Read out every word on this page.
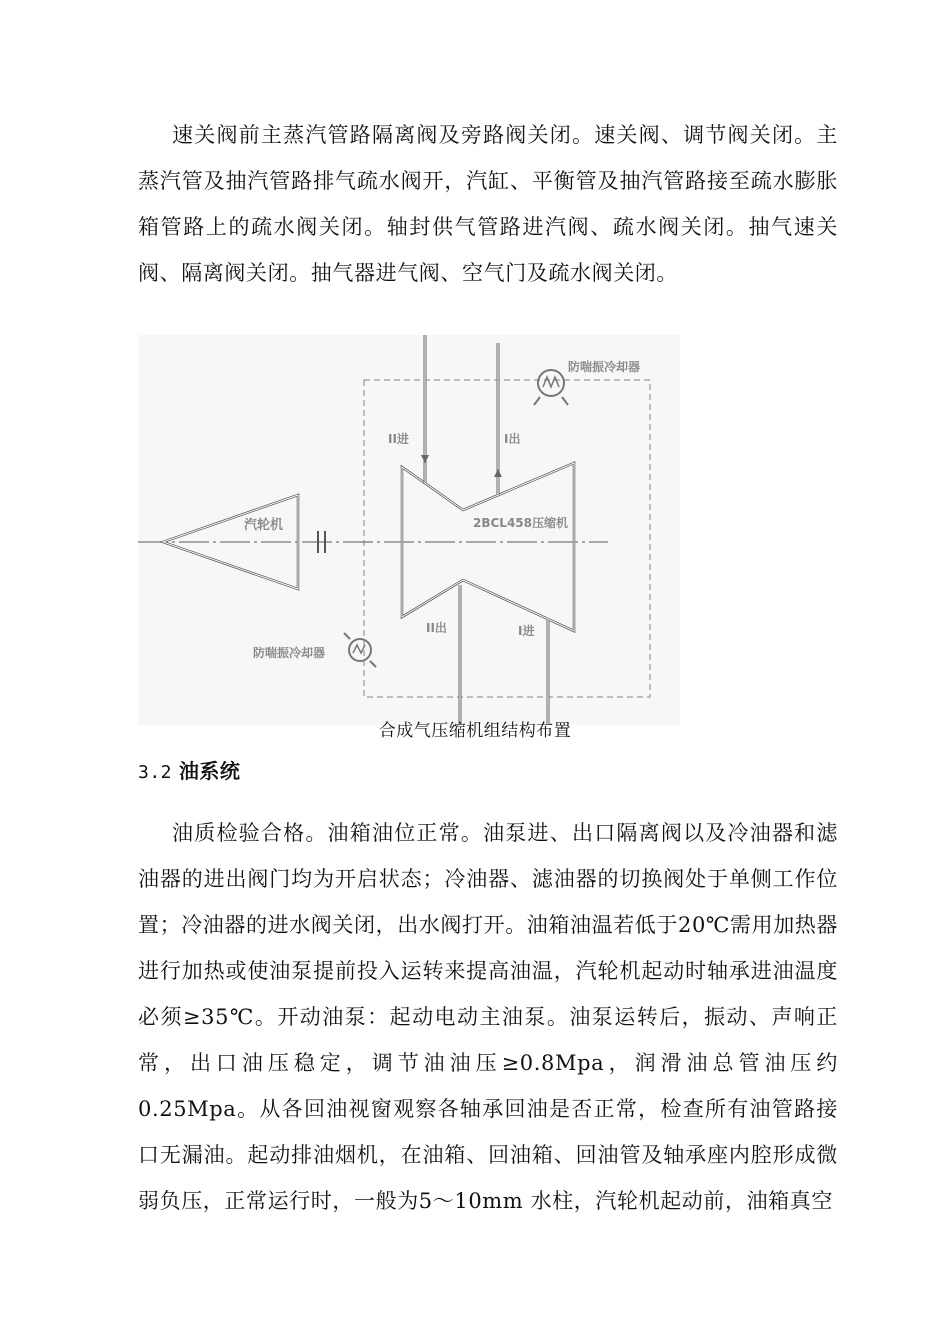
速关阀前主蒸汽管路隔离阀及旁路阀关闭。速关阀、调节阀关闭。主蒸汽管及抽汽管路排气疏水阀开，汽缸、平衡管及抽汽管路接至疏水膨胀箱管路上的疏水阀关闭。轴封供气管路进汽阀、疏水阀关闭。抽气速关阀、隔离阀关闭。抽气器进气阀、空气门及疏水阀关闭。
汽轮机	2BCL458压缩机
II进	I出
II出	I进
防喘振冷却器
防喘振冷却器
合成气压缩机组结构布置
3.2 油系统
油质检验合格。油箱油位正常。油泵进、出口隔离阀以及冷油器和滤油器的进出阀门均为开启状态；冷油器、滤油器的切换阀处于单侧工作位置；冷油器的进水阀关闭，出水阀打开。油箱油温若低于20℃需用加热器进行加热或使油泵提前投入运转来提高油温，汽轮机起动时轴承进油温度必须≥35℃。开动油泵：起动电动主油泵。油泵运转后，振动、声响正常，出口油压稳定，调节油油压≥0.8Mpa，润滑油总管油压约0.25Mpa。从各回油视窗观察各轴承回油是否正常，检查所有油管路接口无漏油。起动排油烟机，在油箱、回油箱、回油管及轴承座内腔形成微弱负压，正常运行时，一般为5～10mm 水柱，汽轮机起动前，油箱真空
